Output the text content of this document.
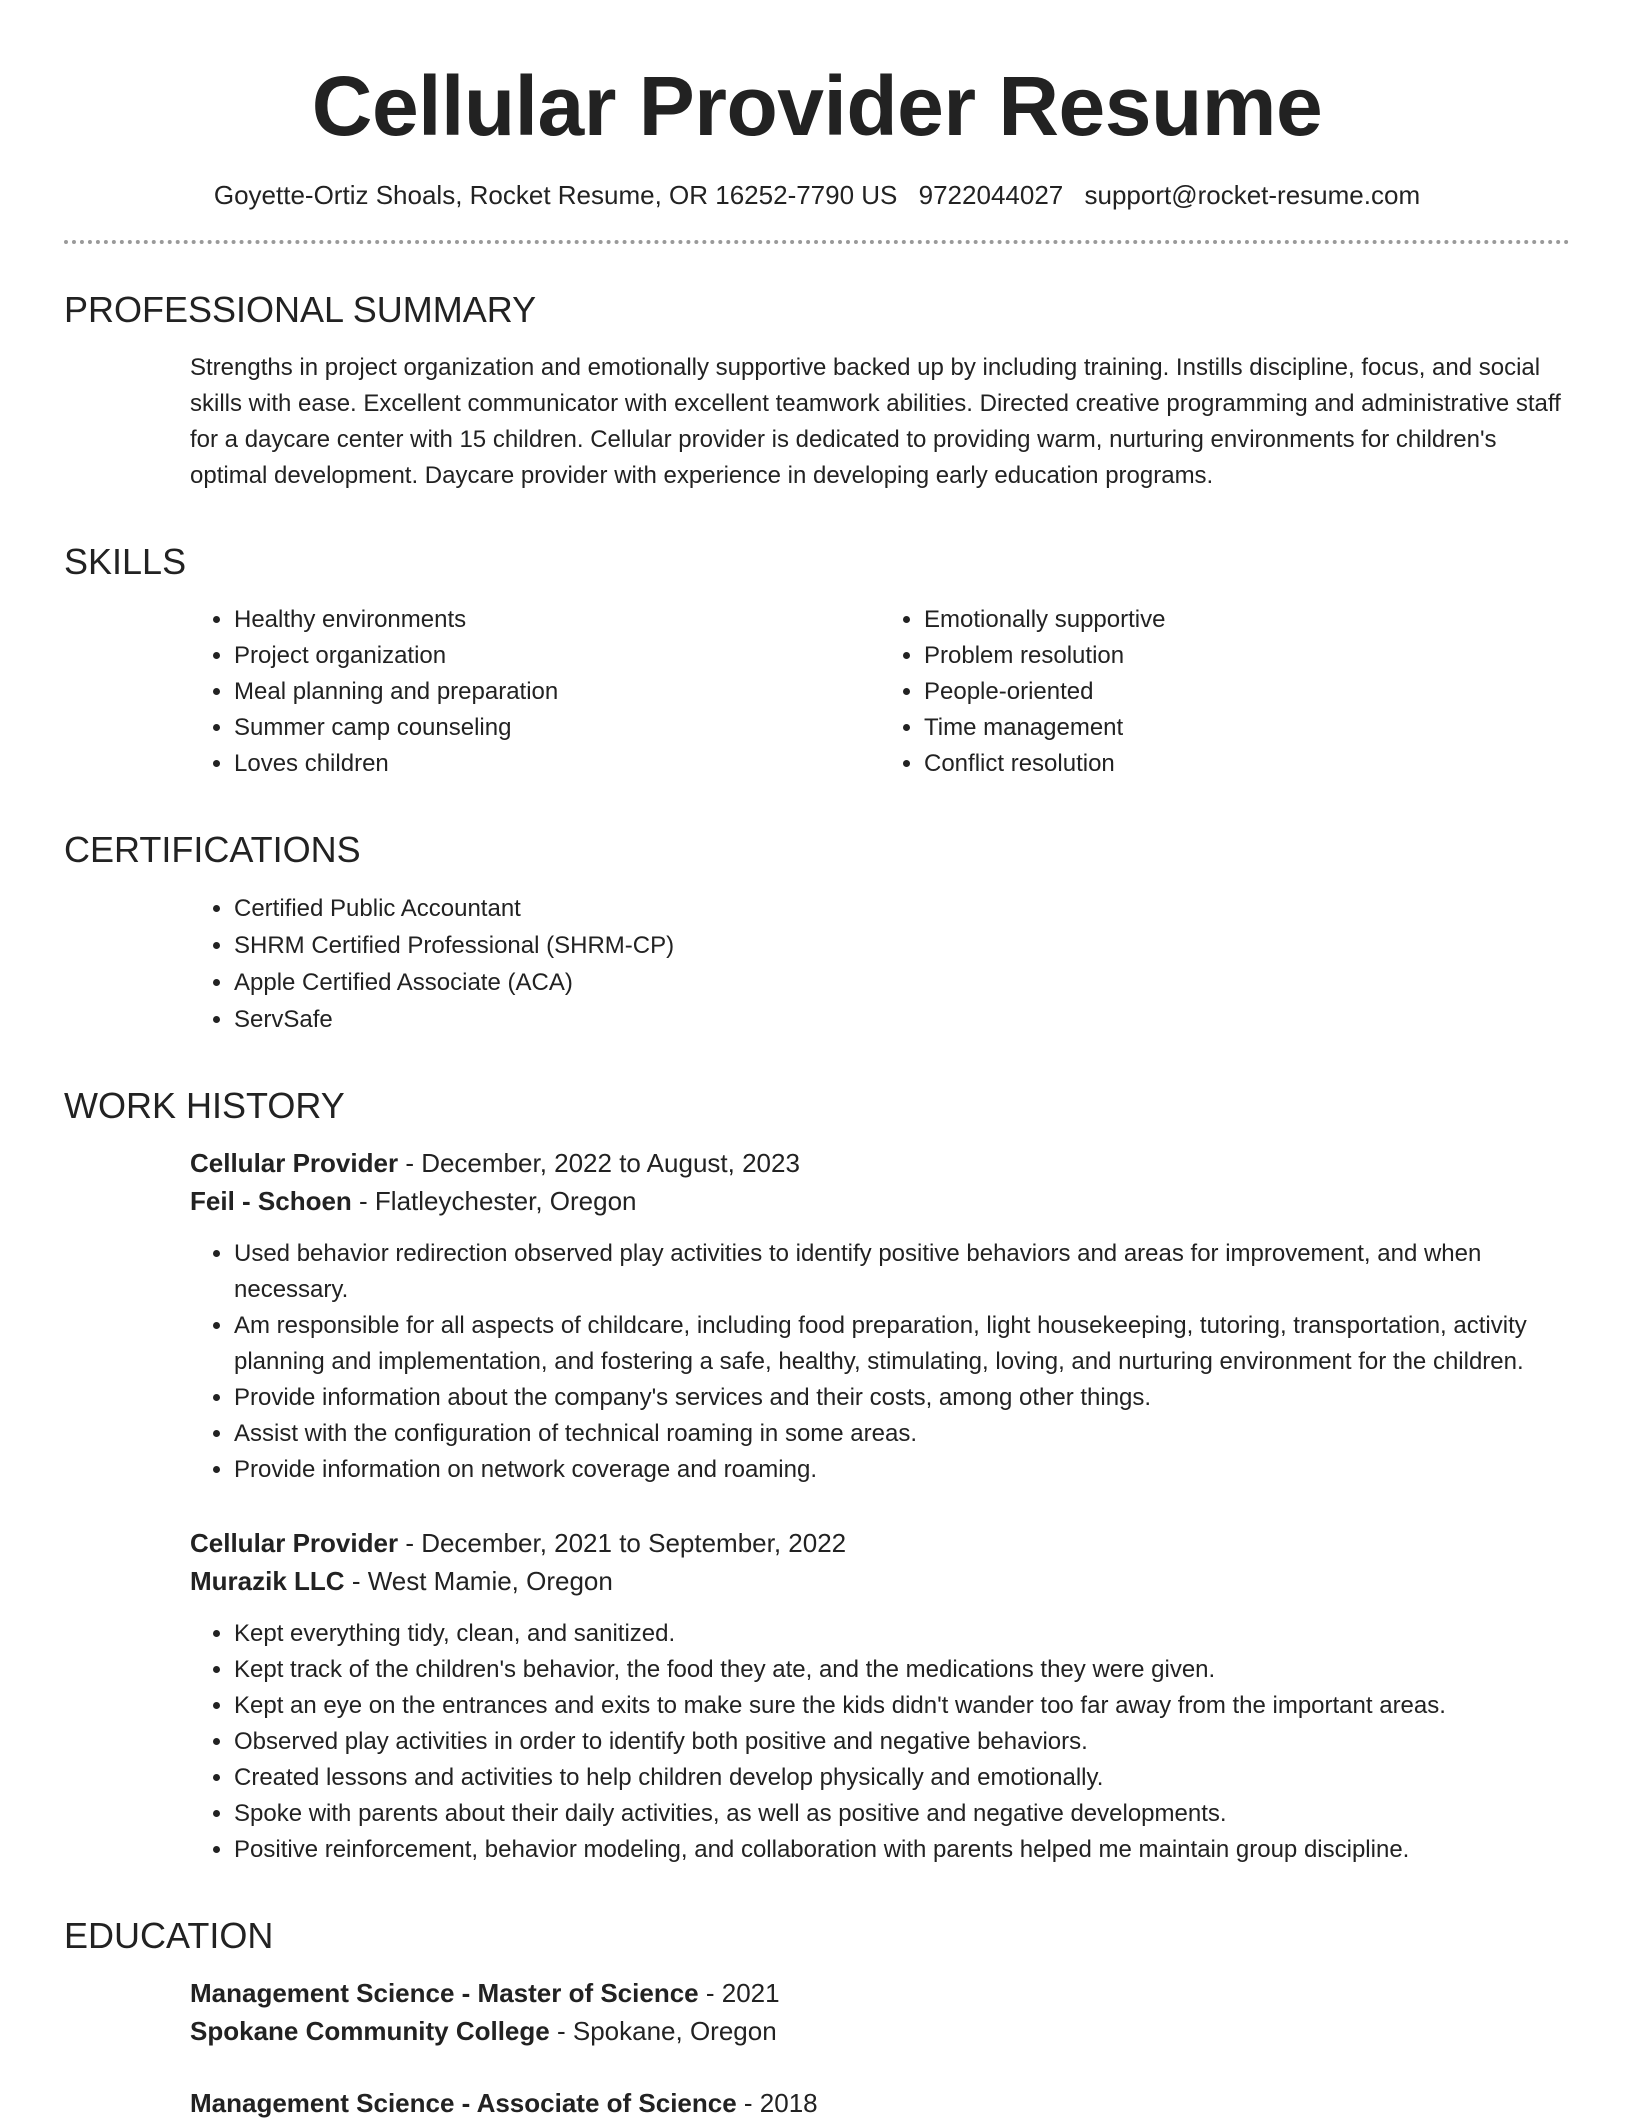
Cellular Provider Resume
Goyette-Ortiz Shoals, Rocket Resume, OR 16252-7790 US 9722044027 support@rocket-resume.com
PROFESSIONAL SUMMARY
Strengths in project organization and emotionally supportive backed up by including training. Instills discipline, focus, and social skills with ease. Excellent communicator with excellent teamwork abilities. Directed creative programming and administrative staff for a daycare center with 15 children. Cellular provider is dedicated to providing warm, nurturing environments for children's optimal development. Daycare provider with experience in developing early education programs.
SKILLS
• Healthy environments
• Project organization
• Meal planning and preparation
• Summer camp counseling
• Loves children
• Emotionally supportive
• Problem resolution
• People-oriented
• Time management
• Conflict resolution
CERTIFICATIONS
• Certified Public Accountant
• SHRM Certified Professional (SHRM-CP)
• Apple Certified Associate (ACA)
• ServSafe
WORK HISTORY
Cellular Provider - December, 2022 to August, 2023
Feil - Schoen - Flatleychester, Oregon
• Used behavior redirection observed play activities to identify positive behaviors and areas for improvement, and when necessary.
• Am responsible for all aspects of childcare, including food preparation, light housekeeping, tutoring, transportation, activity planning and implementation, and fostering a safe, healthy, stimulating, loving, and nurturing environment for the children.
• Provide information about the company's services and their costs, among other things.
• Assist with the configuration of technical roaming in some areas.
• Provide information on network coverage and roaming.
Cellular Provider - December, 2021 to September, 2022
Murazik LLC - West Mamie, Oregon
• Kept everything tidy, clean, and sanitized.
• Kept track of the children's behavior, the food they ate, and the medications they were given.
• Kept an eye on the entrances and exits to make sure the kids didn't wander too far away from the important areas.
• Observed play activities in order to identify both positive and negative behaviors.
• Created lessons and activities to help children develop physically and emotionally.
• Spoke with parents about their daily activities, as well as positive and negative developments.
• Positive reinforcement, behavior modeling, and collaboration with parents helped me maintain group discipline.
EDUCATION
Management Science - Master of Science - 2021
Spokane Community College - Spokane, Oregon
Management Science - Associate of Science - 2018
